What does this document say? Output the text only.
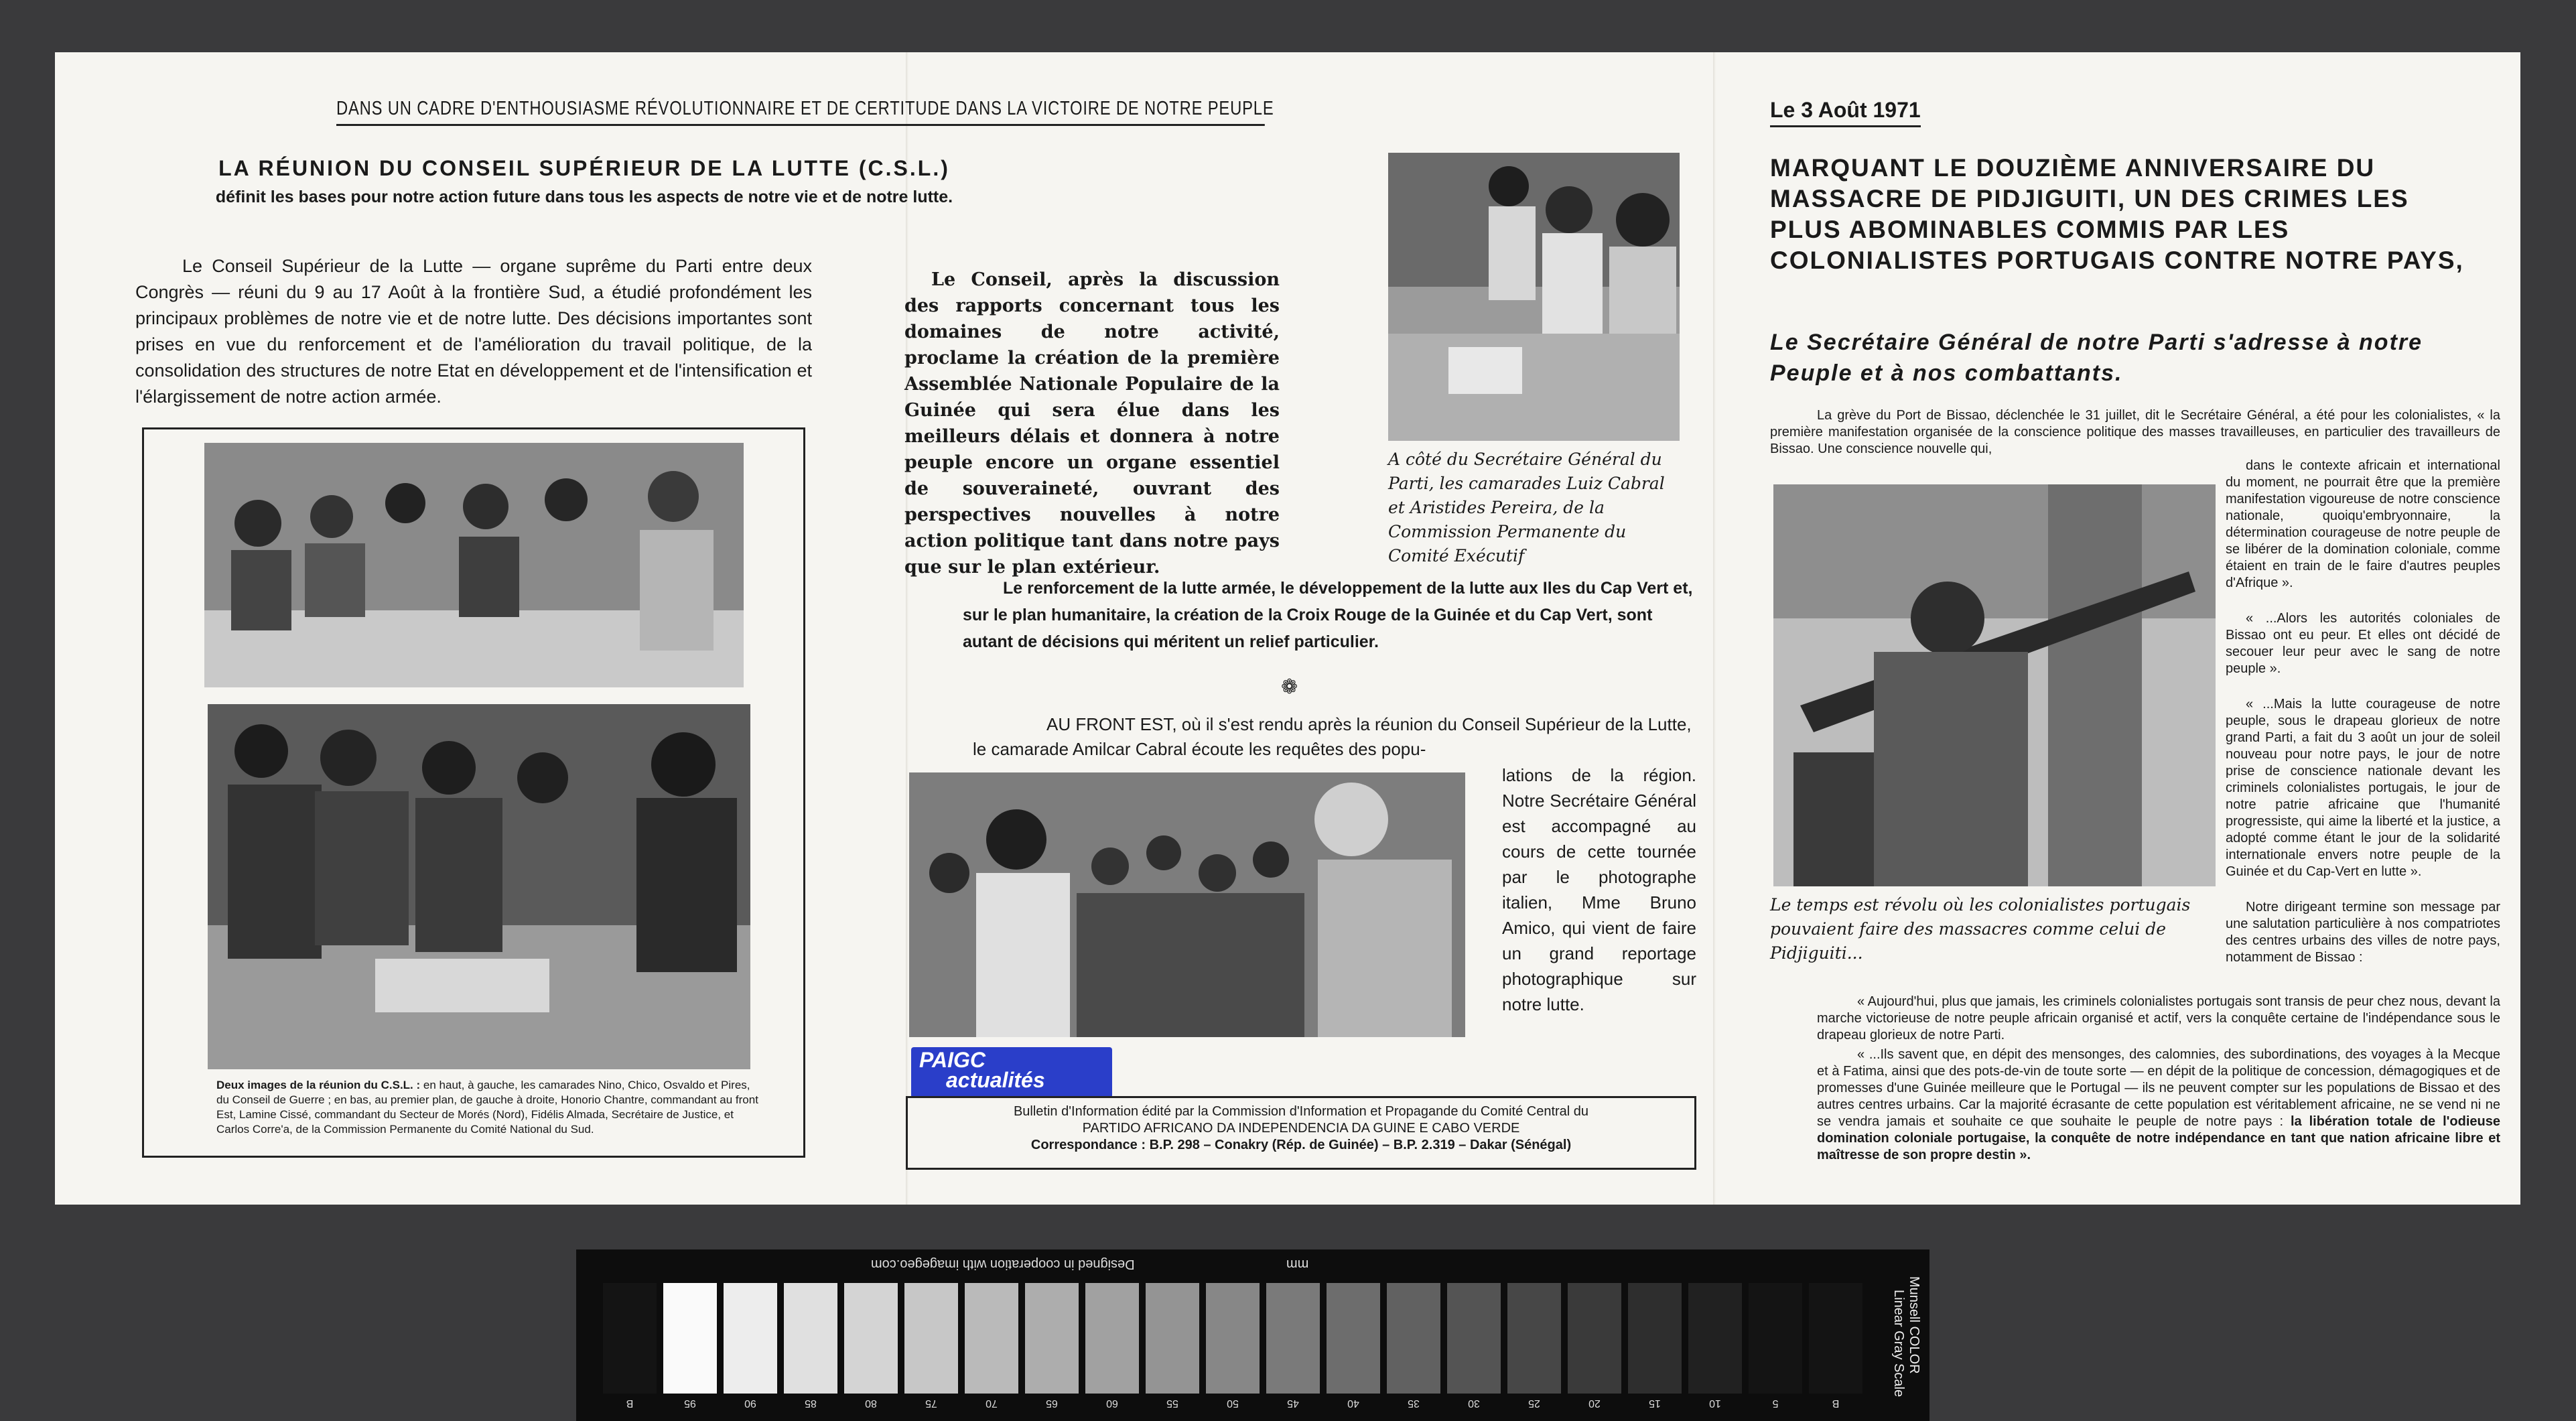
DANS UN CADRE D'ENTHOUSIASME RÉVOLUTIONNAIRE ET DE CERTITUDE DANS LA VICTOIRE DE NOTRE PEUPLE
LA RÉUNION DU CONSEIL SUPÉRIEUR DE LA LUTTE (C.S.L.)
définit les bases pour notre action future dans tous les aspects de notre vie et de notre lutte.
Le Conseil Supérieur de la Lutte — organe suprême du Parti entre deux Congrès — réuni du 9 au 17 Août à la frontière Sud, a étudié profondément les principaux problèmes de notre vie et de notre lutte. Des décisions importantes sont prises en vue du renforcement et de l'amélioration du travail politique, de la consolidation des structures de notre Etat en développement et de l'intensification et l'élargissement de notre action armée.
Deux images de la réunion du C.S.L. : en haut, à gauche, les camarades Nino, Chico, Osvaldo et Pires, du Conseil de Guerre ; en bas, au premier plan, de gauche à droite, Honorio Chantre, commandant au front Est, Lamine Cissé, commandant du Secteur de Morés (Nord), Fidélis Almada, Secrétaire de Justice, et Carlos Corre'a, de la Commission Permanente du Comité National du Sud.
Le Conseil, après la discussion des rapports concernant tous les domaines de notre activité, proclame la création de la première Assemblée Nationale Populaire de la Guinée qui sera élue dans les meilleurs délais et donnera à notre peuple encore un organe essentiel de souveraineté, ouvrant des perspectives nouvelles à notre action politique tant dans notre pays que sur le plan extérieur.
A côté du Secrétaire Général du Parti, les camarades Luiz Cabral et Aristides Pereira, de la Commission Permanente du Comité Exécutif
Le renforcement de la lutte armée, le développement de la lutte aux Iles du Cap Vert et, sur le plan humanitaire, la création de la Croix Rouge de la Guinée et du Cap Vert, sont autant de décisions qui méritent un relief particulier.
❁
AU FRONT EST, où il s'est rendu après la réunion du Conseil Supérieur de la Lutte, le camarade Amilcar Cabral écoute les requêtes des popu-
lations de la région. Notre Secrétaire Général est accompagné au cours de cette tournée par le photographe italien, Mme Bruno Amico, qui vient de faire un grand reportage photographique sur notre lutte.
PAIGC
actualités
Bulletin d'Information édité par la Commission d'Information et Propagande du Comité Central du
PARTIDO AFRICANO DA INDEPENDENCIA DA GUINE E CABO VERDE
Correspondance : B.P. 298 – Conakry (Rép. de Guinée) – B.P. 2.319 – Dakar (Sénégal)
Le 3 Août 1971
MARQUANT LE DOUZIÈME ANNIVERSAIRE DU MASSACRE DE PIDJIGUITI, UN DES CRIMES LES PLUS ABOMINABLES COMMIS PAR LES COLONIALISTES PORTUGAIS CONTRE NOTRE PAYS,
Le Secrétaire Général de notre Parti s'adresse à notre Peuple et à nos combattants.
La grève du Port de Bissao, déclenchée le 31 juillet, dit le Secrétaire Général, a été pour les colonialistes, « la première manifestation organisée de la conscience politique des masses travailleuses, en particulier des travailleurs de Bissao. Une conscience nouvelle qui,
Le temps est révolu où les colonialistes portugais pouvaient faire des massacres comme celui de Pidjiguiti...

dans le contexte africain et international du moment, ne pourrait être que la première manifestation vigoureuse de notre conscience nationale, quoiqu'embryonnaire, la détermination courageuse de notre peuple de se libérer de la domination coloniale, comme étaient en train de le faire d'autres peuples d'Afrique ».

« ...Alors les autorités coloniales de Bissao ont eu peur. Et elles ont décidé de secouer leur peur avec le sang de notre peuple ».

« ...Mais la lutte courageuse de notre peuple, sous le drapeau glorieux de notre grand Parti, a fait du 3 août un jour de soleil nouveau pour notre pays, le jour de notre prise de conscience nationale devant les criminels colonialistes portugais, le jour de notre patrie africaine que l'humanité progressiste, qui aime la liberté et la justice, a adopté comme étant le jour de la solidarité internationale envers notre peuple de la Guinée et du Cap-Vert en lutte ».

Notre dirigeant termine son message par une salutation particulière à nos compatriotes des centres urbains des villes de notre pays, notamment de Bissao :

« Aujourd'hui, plus que jamais, les criminels colonialistes portugais sont transis de peur chez nous, devant la marche victorieuse de notre peuple africain organisé et actif, vers la conquête certaine de l'indépendance sous le drapeau glorieux de notre Parti.

« ...Ils savent que, en dépit des mensonges, des calomnies, des subordinations, des voyages à la Mecque et à Fatima, ainsi que des pots-de-vin de toute sorte — en dépit de la politique de concession, démagogiques et de promesses d'une Guinée meilleure que le Portugal — ils ne peuvent compter sur les populations de Bissao et des autres centres urbains. Car la majorité écrasante de cette population est véritablement africaine, ne se vend ni ne se vendra jamais et souhaite ce que souhaite le peuple de notre pays : la libération totale de l'odieuse domination coloniale portugaise, la conquête de notre indépendance en tant que nation africaine libre et maîtresse de son propre destin ».

Designed in cooperation with imagegeo.com	mm
B	95	90	85	80	75	70	65	60	55	50	45	40	35	30	25	20	15	10	5	B
Munsell COLOR Linear Gray Scale
